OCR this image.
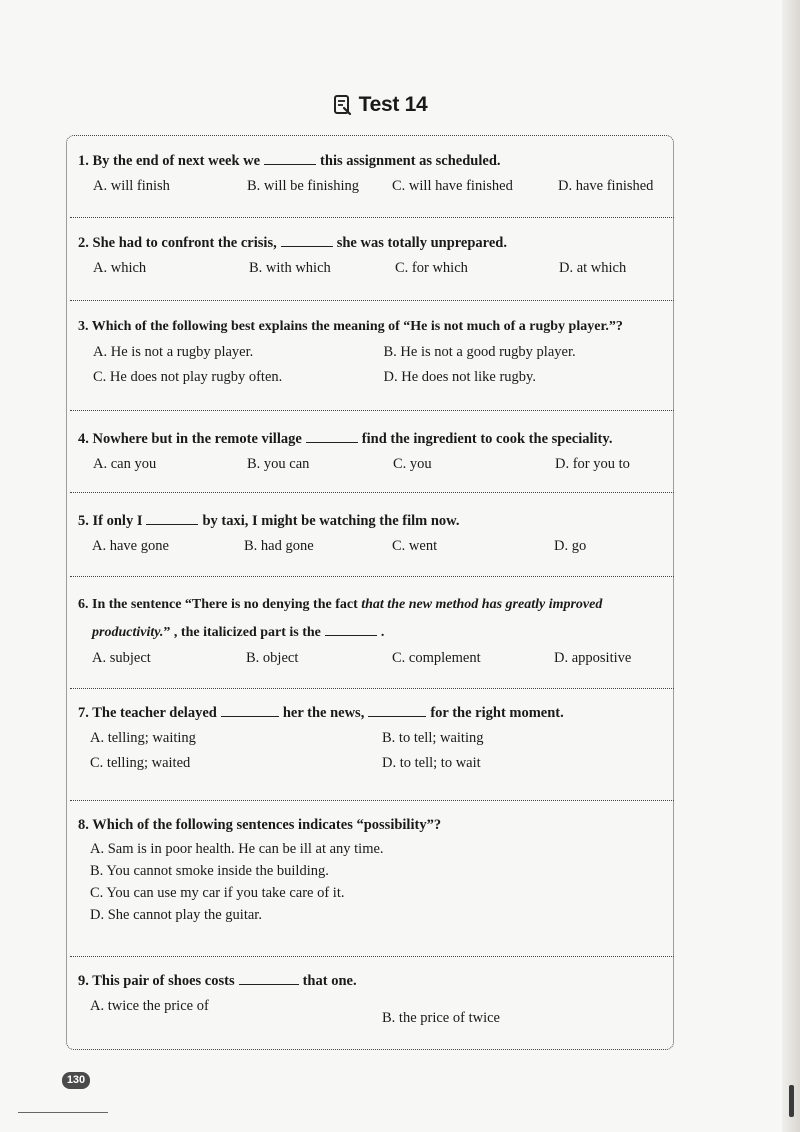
Test 14
1. By the end of next week we	this assignment as scheduled.
A. will finish	B. will be finishing	C. will have finished	D. have finished
2. She had to confront the crisis,	she was totally unprepared.
A. which	B. with which	C. for which	D. at which
3. Which of the following best explains the meaning of “He is not much of a rugby player.”?
A. He is not a rugby player.	B. He is not a good rugby player.
C. He does not play rugby often.	D. He does not like rugby.
4. Nowhere but in the remote village	find the ingredient to cook the speciality.
A. can you	B. you can	C. you	D. for you to
5. If only I	by taxi, I might be watching the film now.
A. have gone	B. had gone	C. went	D. go
6. In the sentence “There is no denying the fact that the new method has greatly improved
productivity.” , the italicized part is the	.
A. subject	B. object	C. complement	D. appositive
7. The teacher delayed	her the news,	for the right moment.
A. telling; waiting	B. to tell; waiting
C. telling; waited	D. to tell; to wait
8. Which of the following sentences indicates “possibility”?
A. Sam is in poor health. He can be ill at any time.
B. You cannot smoke inside the building.
C. You can use my car if you take care of it.
D. She cannot play the guitar.
9. This pair of shoes costs	that one.
A. twice the price of
B. the price of twice
130
